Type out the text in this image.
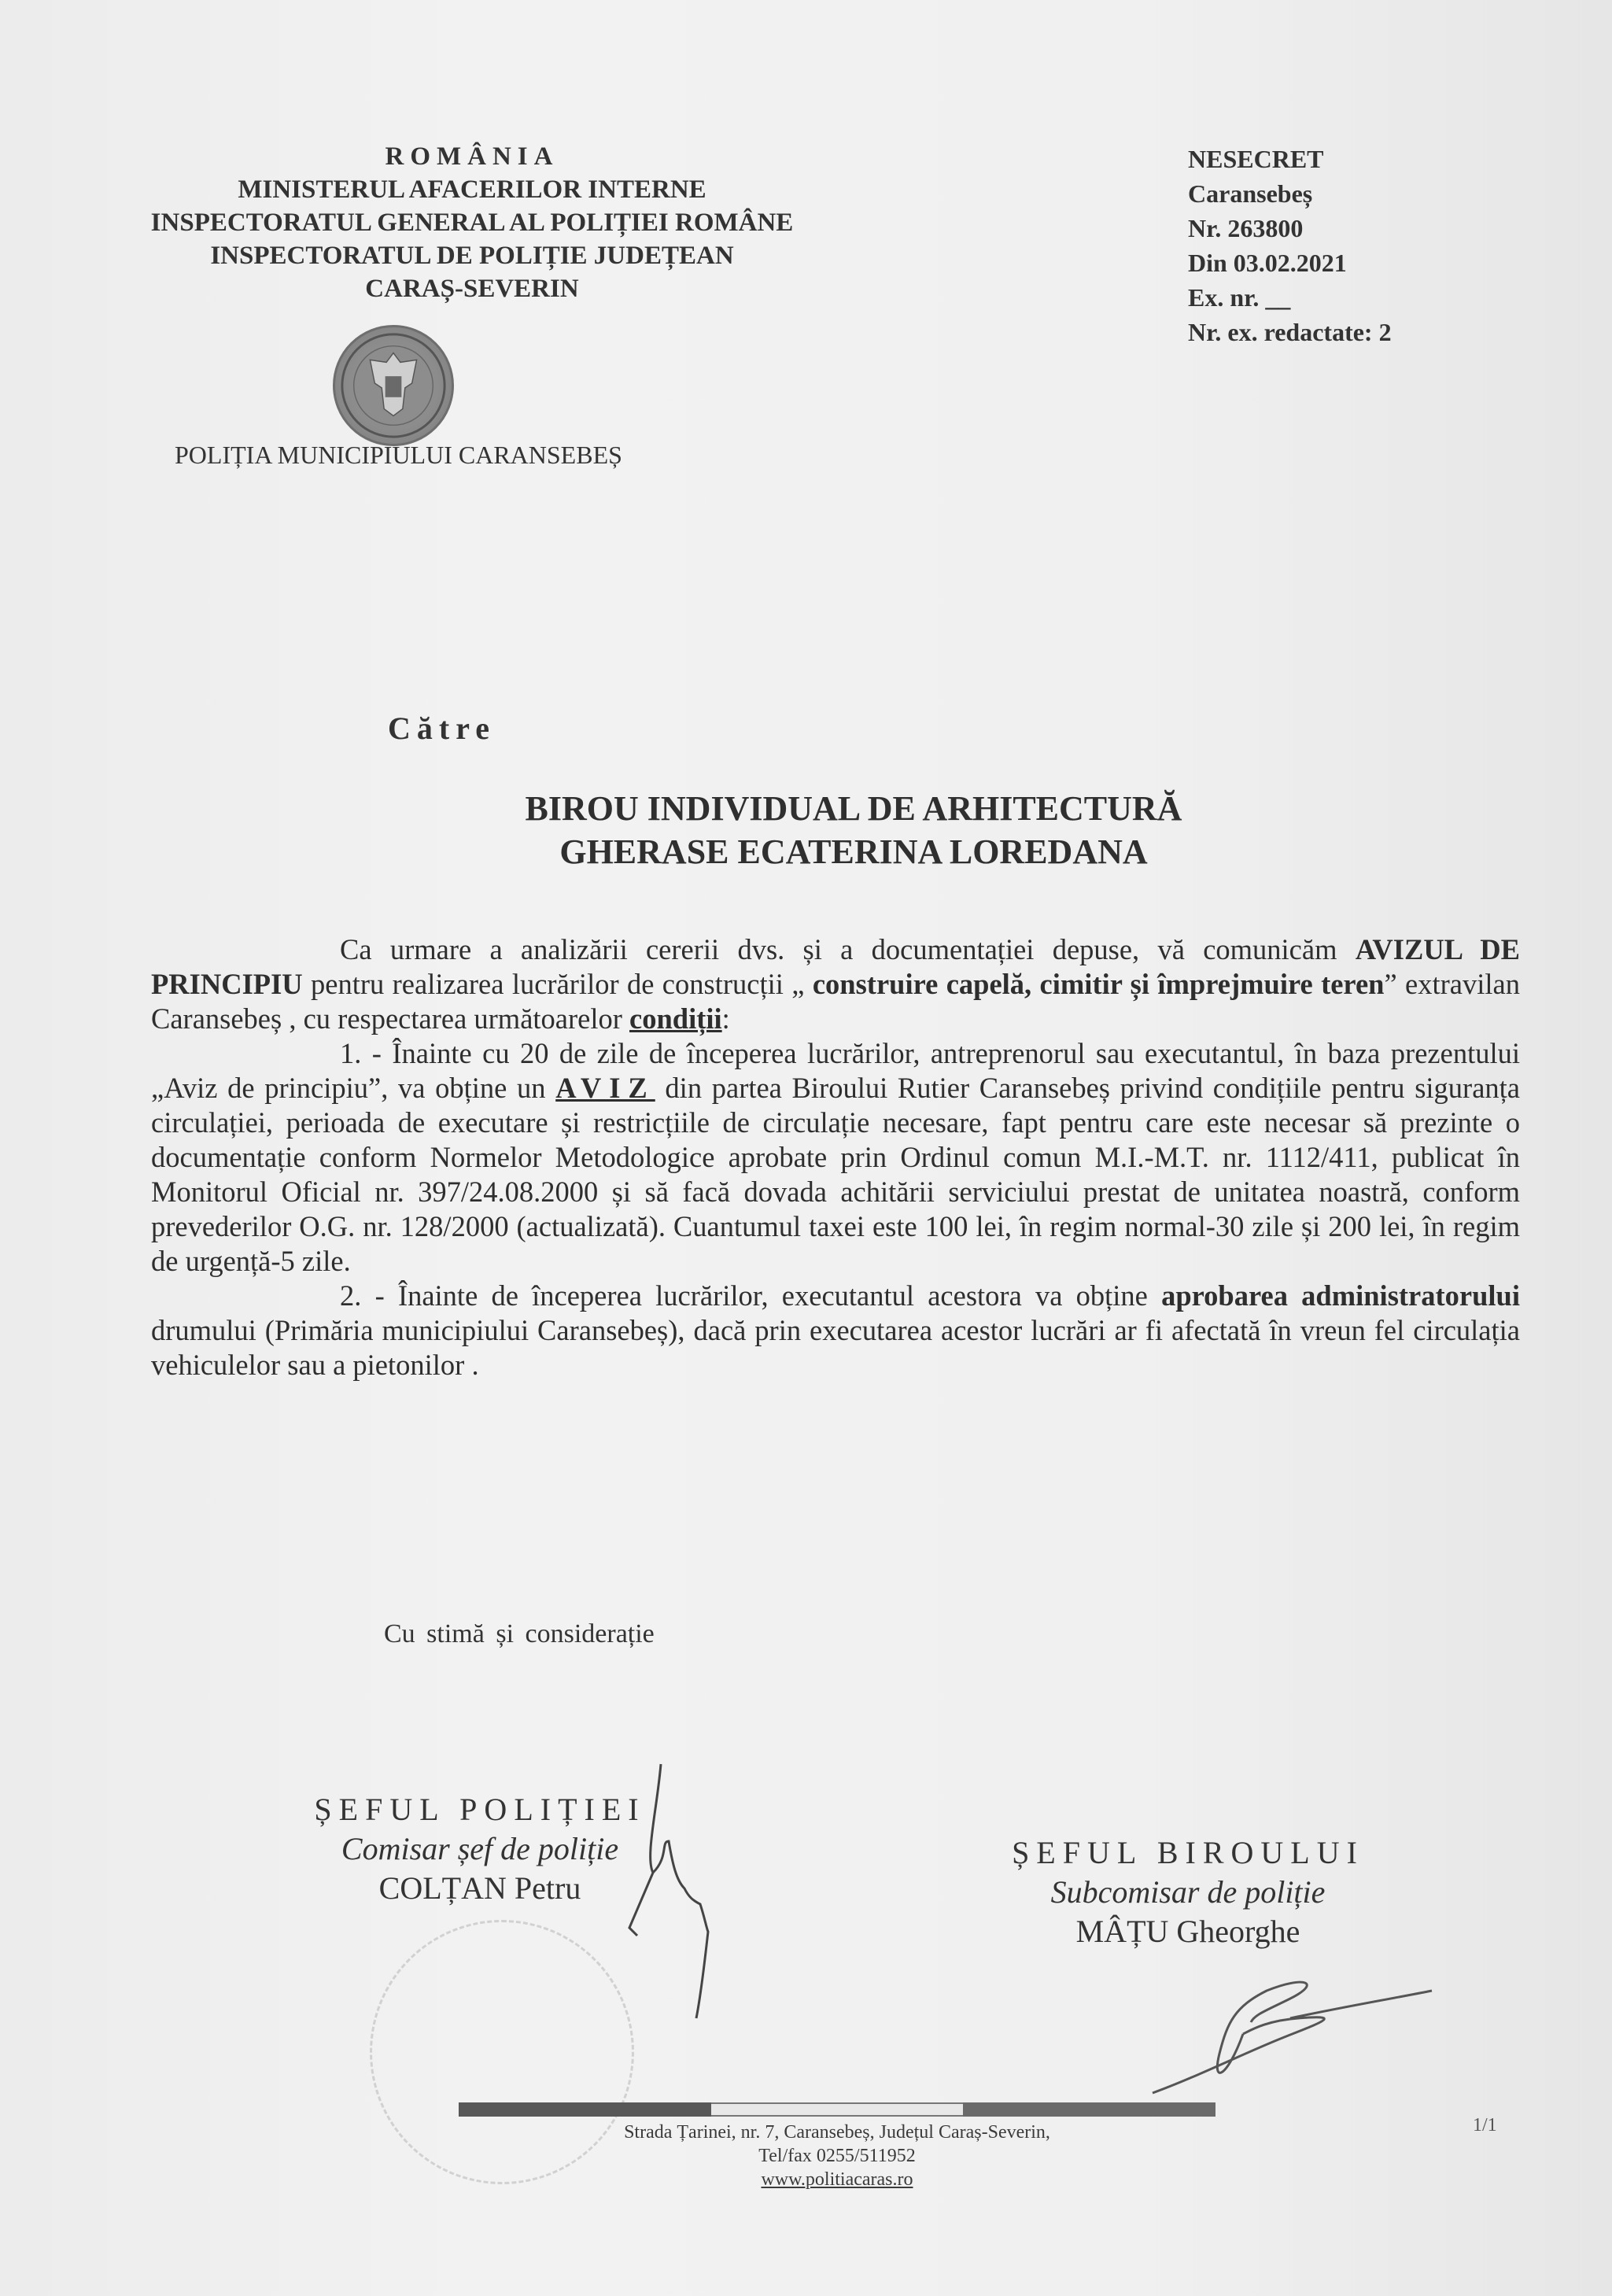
ROMÂNIA
MINISTERUL AFACERILOR INTERNE
INSPECTORATUL GENERAL AL POLIȚIEI ROMÂNE
INSPECTORATUL DE POLIȚIE JUDEȚEAN
CARAȘ-SEVERIN
POLIȚIA MUNICIPIULUI CARANSEBEȘ
NESECRET
Caransebeș
Nr. 263800
Din 03.02.2021
Ex. nr. __
Nr. ex. redactate: 2
Către
BIROU INDIVIDUAL DE ARHITECTURĂ
GHERASE ECATERINA LOREDANA

Ca urmare a analizării cererii dvs. și a documentației depuse, vă comunicăm AVIZUL DE PRINCIPIU pentru realizarea lucrărilor de construcții „ construire capelă, cimitir și împrejmuire teren” extravilan Caransebeș , cu respectarea următoarelor condiții:

1. - Înainte cu 20 de zile de începerea lucrărilor, antreprenorul sau executantul, în baza prezentului „Aviz de principiu”, va obține un AVIZ din partea Biroului Rutier Caransebeș privind condițiile pentru siguranța circulației, perioada de executare și restricțiile de circulație necesare, fapt pentru care este necesar să prezinte o documentație conform Normelor Metodologice aprobate prin Ordinul comun M.I.-M.T. nr. 1112/411, publicat în Monitorul Oficial nr. 397/24.08.2000 și să facă dovada achitării serviciului prestat de unitatea noastră, conform prevederilor O.G. nr. 128/2000 (actualizată). Cuantumul taxei este 100 lei, în regim normal-30 zile și 200 lei, în regim de urgență-5 zile.

2. - Înainte de începerea lucrărilor, executantul acestora va obține aprobarea administratorului drumului (Primăria municipiului Caransebeș), dacă prin executarea acestor lucrări ar fi afectată în vreun fel circulația vehiculelor sau a pietonilor .

Cu stimă și considerație
ȘEFUL POLIȚIEI
Comisar șef de poliție
COLȚAN Petru
ȘEFUL BIROULUI
Subcomisar de poliție
MÂȚU Gheorghe
Strada Țarinei, nr. 7, Caransebeș, Județul Caraș-Severin,
Tel/fax 0255/511952
www.politiacaras.ro
1/1
